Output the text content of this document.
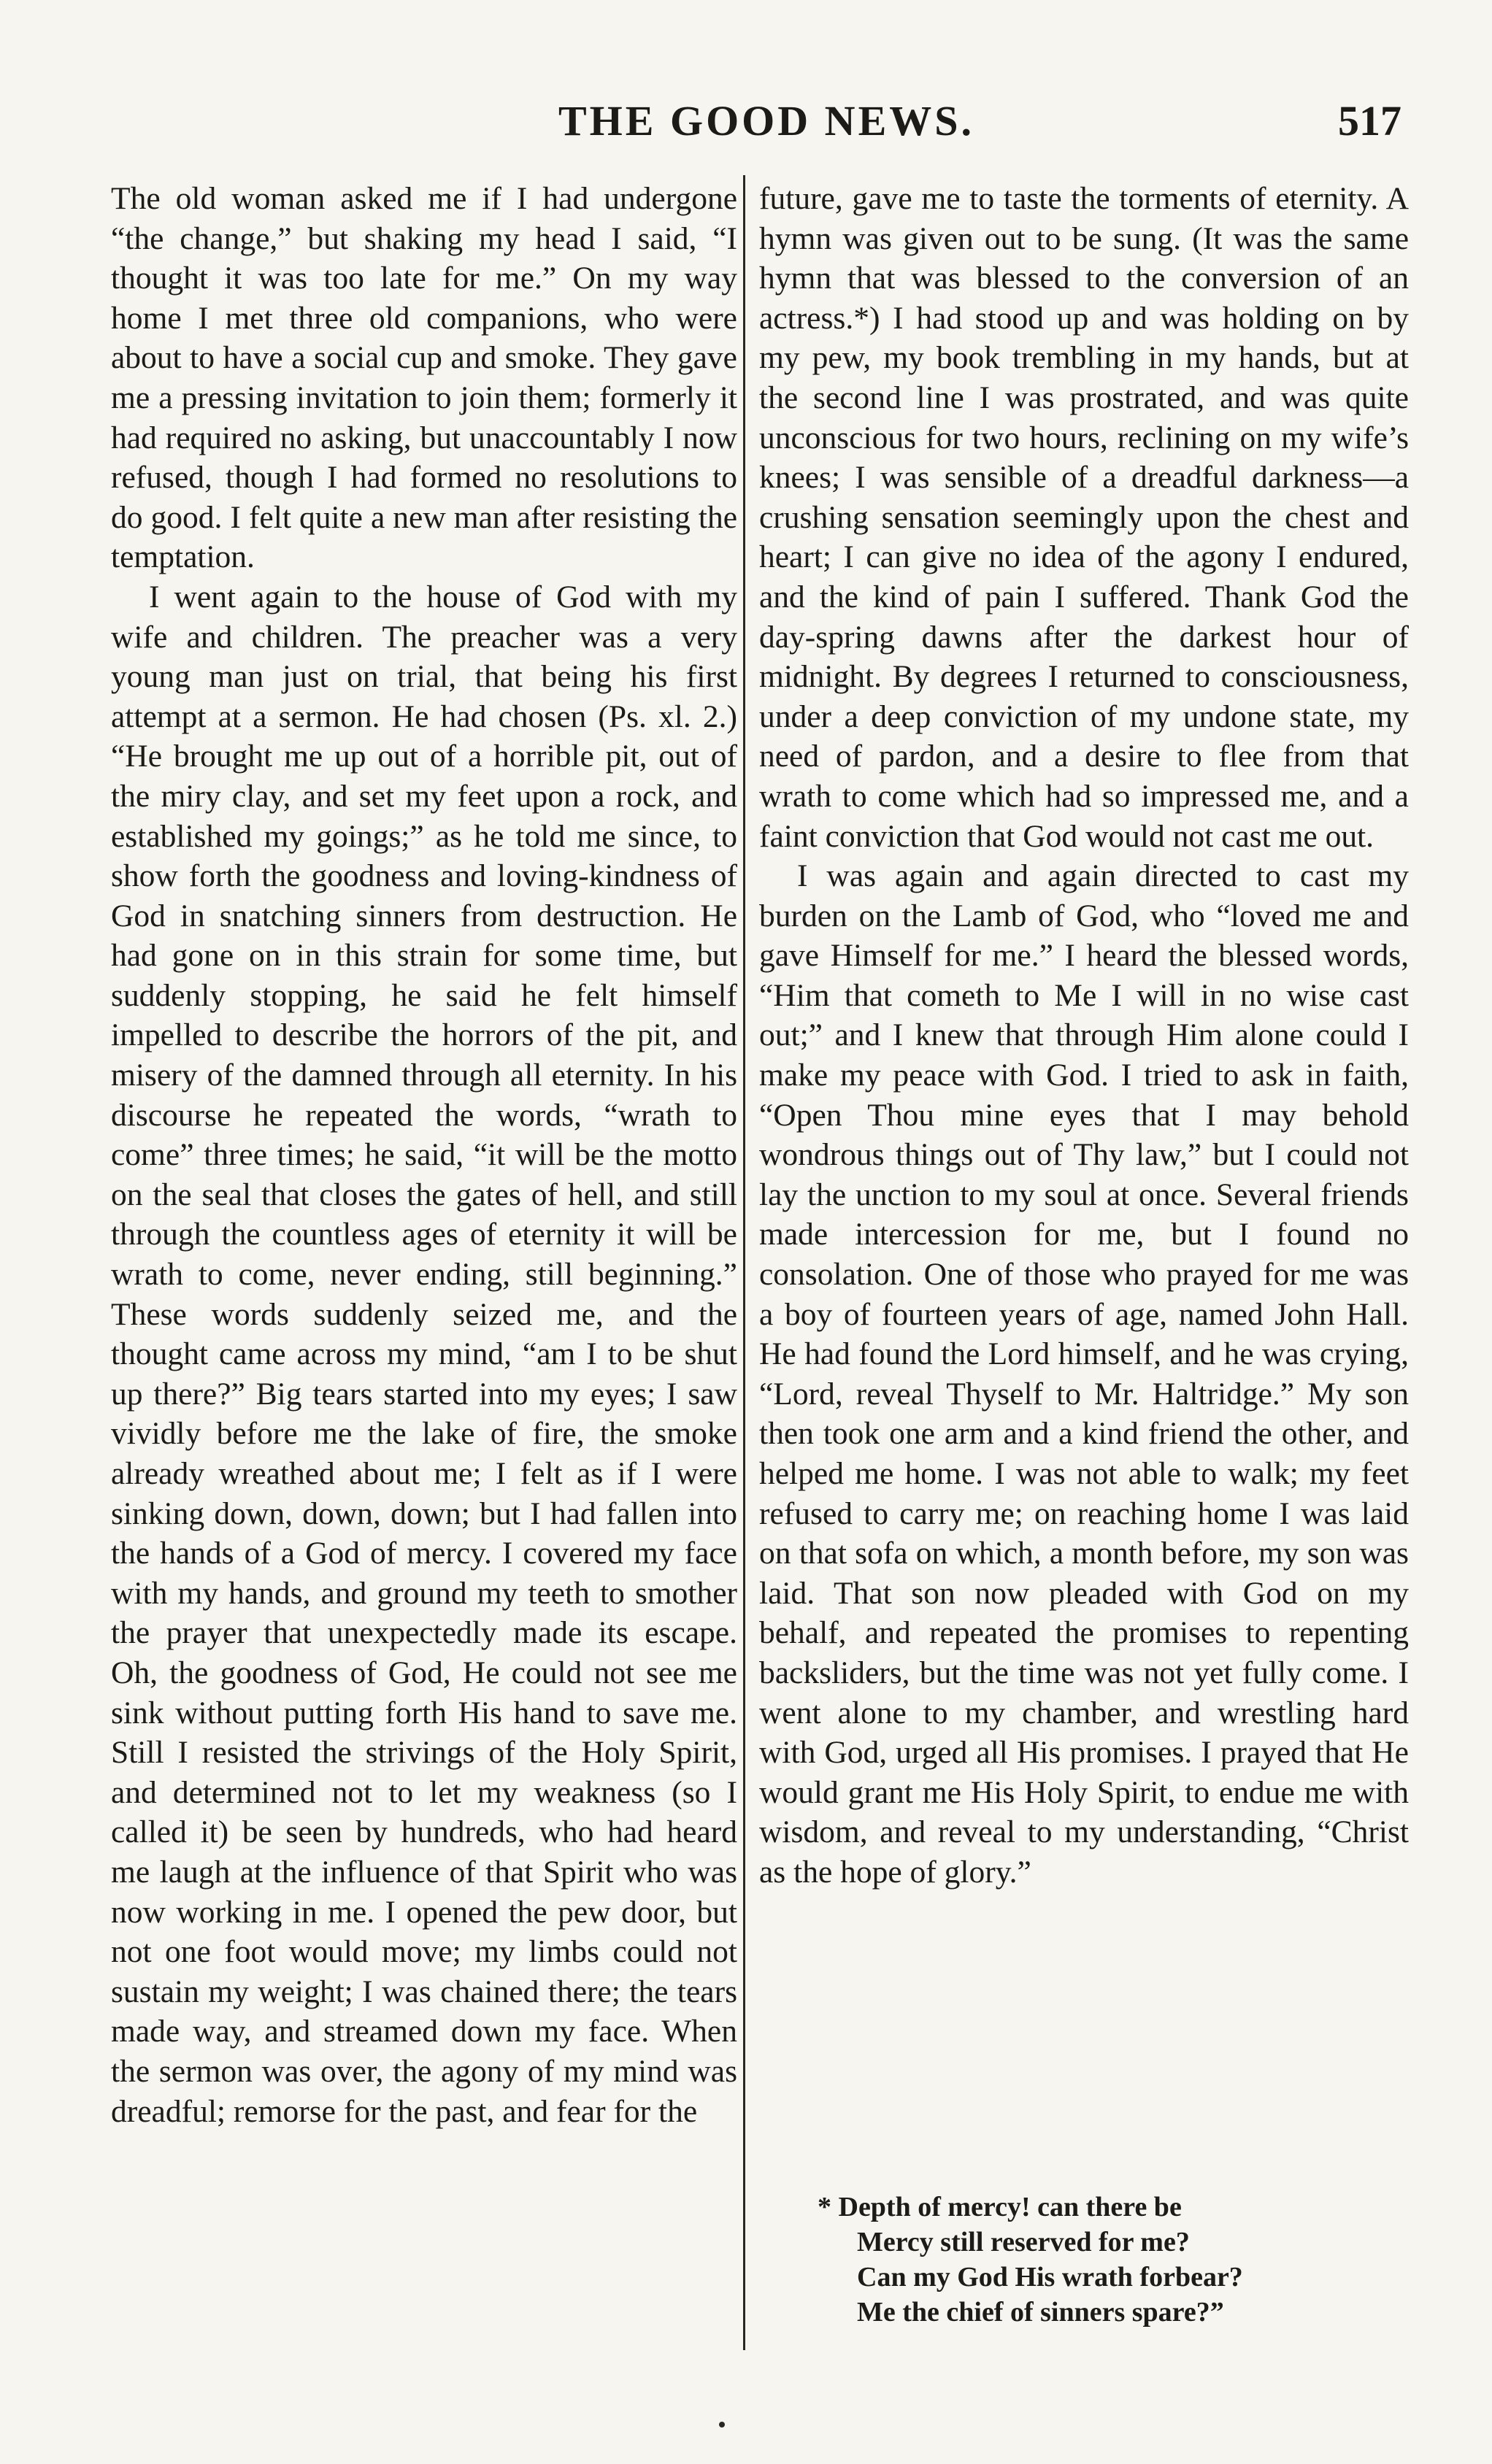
THE GOOD NEWS.	517

The old woman asked me if I had undergone “the change,” but shaking my head I said, “I thought it was too late for me.” On my way home I met three old companions, who were about to have a social cup and smoke. They gave me a pressing invitation to join them; formerly it had required no asking, but unaccountably I now refused, though I had formed no resolutions to do good. I felt quite a new man after resisting the temptation.

I went again to the house of God with my wife and children. The preacher was a very young man just on trial, that being his first attempt at a sermon. He had chosen (Ps. xl. 2.) “He brought me up out of a horrible pit, out of the miry clay, and set my feet upon a rock, and established my goings;” as he told me since, to show forth the goodness and loving-kindness of God in snatching sinners from destruction. He had gone on in this strain for some time, but suddenly stopping, he said he felt himself impelled to describe the horrors of the pit, and misery of the damned through all eternity. In his discourse he repeated the words, “wrath to come” three times; he said, “it will be the motto on the seal that closes the gates of hell, and still through the countless ages of eternity it will be wrath to come, never ending, still beginning.” These words suddenly seized me, and the thought came across my mind, “am I to be shut up there?” Big tears started into my eyes; I saw vividly before me the lake of fire, the smoke already wreathed about me; I felt as if I were sinking down, down, down; but I had fallen into the hands of a God of mercy. I covered my face with my hands, and ground my teeth to smother the prayer that unexpectedly made its escape. Oh, the goodness of God, He could not see me sink without putting forth His hand to save me. Still I resisted the strivings of the Holy Spirit, and determined not to let my weakness (so I called it) be seen by hundreds, who had heard me laugh at the influence of that Spirit who was now working in me. I opened the pew door, but not one foot would move; my limbs could not sustain my weight; I was chained there; the tears made way, and streamed down my face. When the sermon was over, the agony of my mind was dreadful; remorse for the past, and fear for the

future, gave me to taste the torments of eternity. A hymn was given out to be sung. (It was the same hymn that was blessed to the conversion of an actress.*) I had stood up and was holding on by my pew, my book trembling in my hands, but at the second line I was prostrated, and was quite unconscious for two hours, reclining on my wife’s knees; I was sensible of a dreadful darkness—a crushing sensation seemingly upon the chest and heart; I can give no idea of the agony I endured, and the kind of pain I suffered. Thank God the day-spring dawns after the darkest hour of midnight. By degrees I returned to consciousness, under a deep conviction of my undone state, my need of pardon, and a desire to flee from that wrath to come which had so impressed me, and a faint conviction that God would not cast me out.

I was again and again directed to cast my burden on the Lamb of God, who “loved me and gave Himself for me.” I heard the blessed words, “Him that cometh to Me I will in no wise cast out;” and I knew that through Him alone could I make my peace with God. I tried to ask in faith, “Open Thou mine eyes that I may behold wondrous things out of Thy law,” but I could not lay the unction to my soul at once. Several friends made intercession for me, but I found no consolation. One of those who prayed for me was a boy of fourteen years of age, named John Hall. He had found the Lord himself, and he was crying, “Lord, reveal Thyself to Mr. Haltridge.” My son then took one arm and a kind friend the other, and helped me home. I was not able to walk; my feet refused to carry me; on reaching home I was laid on that sofa on which, a month before, my son was laid. That son now pleaded with God on my behalf, and repeated the promises to repenting backsliders, but the time was not yet fully come. I went alone to my chamber, and wrestling hard with God, urged all His promises. I prayed that He would grant me His Holy Spirit, to endue me with wisdom, and reveal to my understanding, “Christ as the hope of glory.”

* Depth of mercy! can there be
Mercy still reserved for me?
Can my God His wrath forbear?
Me the chief of sinners spare?”
